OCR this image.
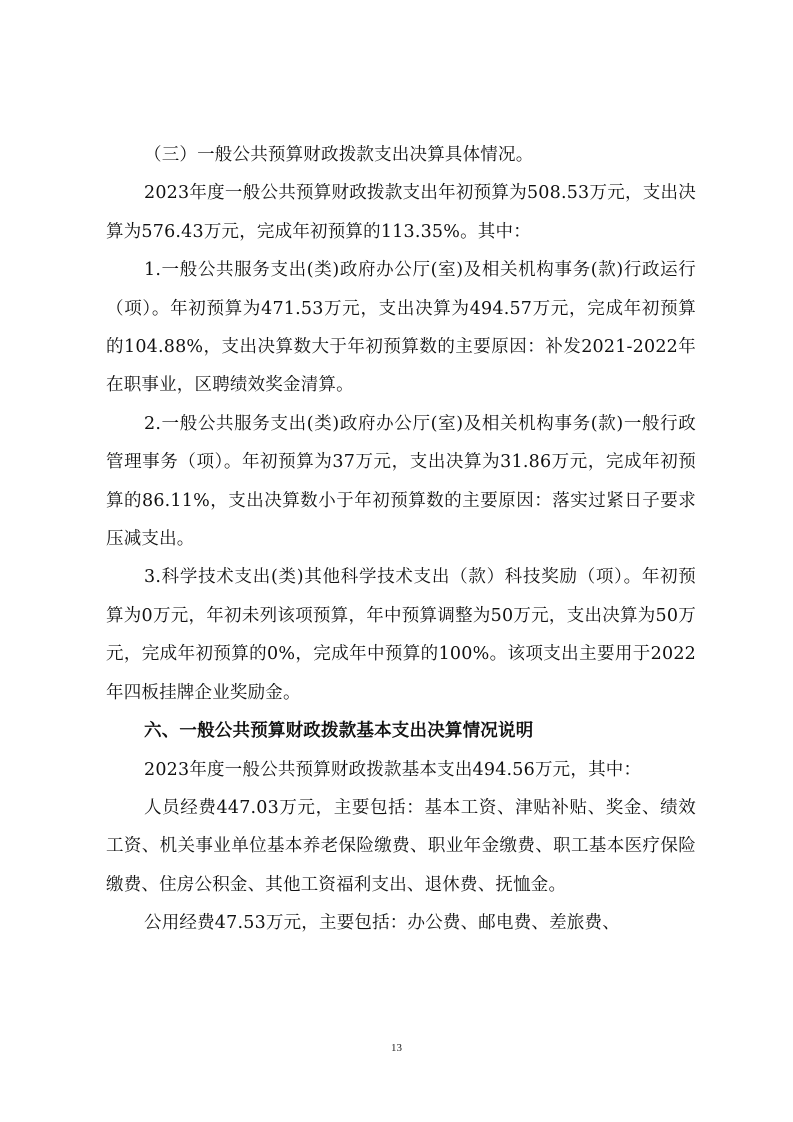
（三）一般公共预算财政拨款支出决算具体情况。

2023年度一般公共预算财政拨款支出年初预算为508.53万元，支出决算为576.43万元，完成年初预算的113.35%。其中：

1.一般公共服务支出(类)政府办公厅(室)及相关机构事务(款)行政运行（项）。年初预算为471.53万元，支出决算为494.57万元，完成年初预算的104.88%，支出决算数大于年初预算数的主要原因：补发2021-2022年在职事业，区聘绩效奖金清算。

2.一般公共服务支出(类)政府办公厅(室)及相关机构事务(款)一般行政管理事务（项）。年初预算为37万元，支出决算为31.86万元，完成年初预算的86.11%，支出决算数小于年初预算数的主要原因：落实过紧日子要求压减支出。

3.科学技术支出(类)其他科学技术支出（款）科技奖励（项）。年初预算为0万元，年初未列该项预算，年中预算调整为50万元，支出决算为50万元，完成年初预算的0%，完成年中预算的100%。该项支出主要用于2022年四板挂牌企业奖励金。

六、一般公共预算财政拨款基本支出决算情况说明

2023年度一般公共预算财政拨款基本支出494.56万元，其中：

人员经费447.03万元，主要包括：基本工资、津贴补贴、奖金、绩效工资、机关事业单位基本养老保险缴费、职业年金缴费、职工基本医疗保险缴费、住房公积金、其他工资福利支出、退休费、抚恤金。

公用经费47.53万元，主要包括：办公费、邮电费、差旅费、

13
